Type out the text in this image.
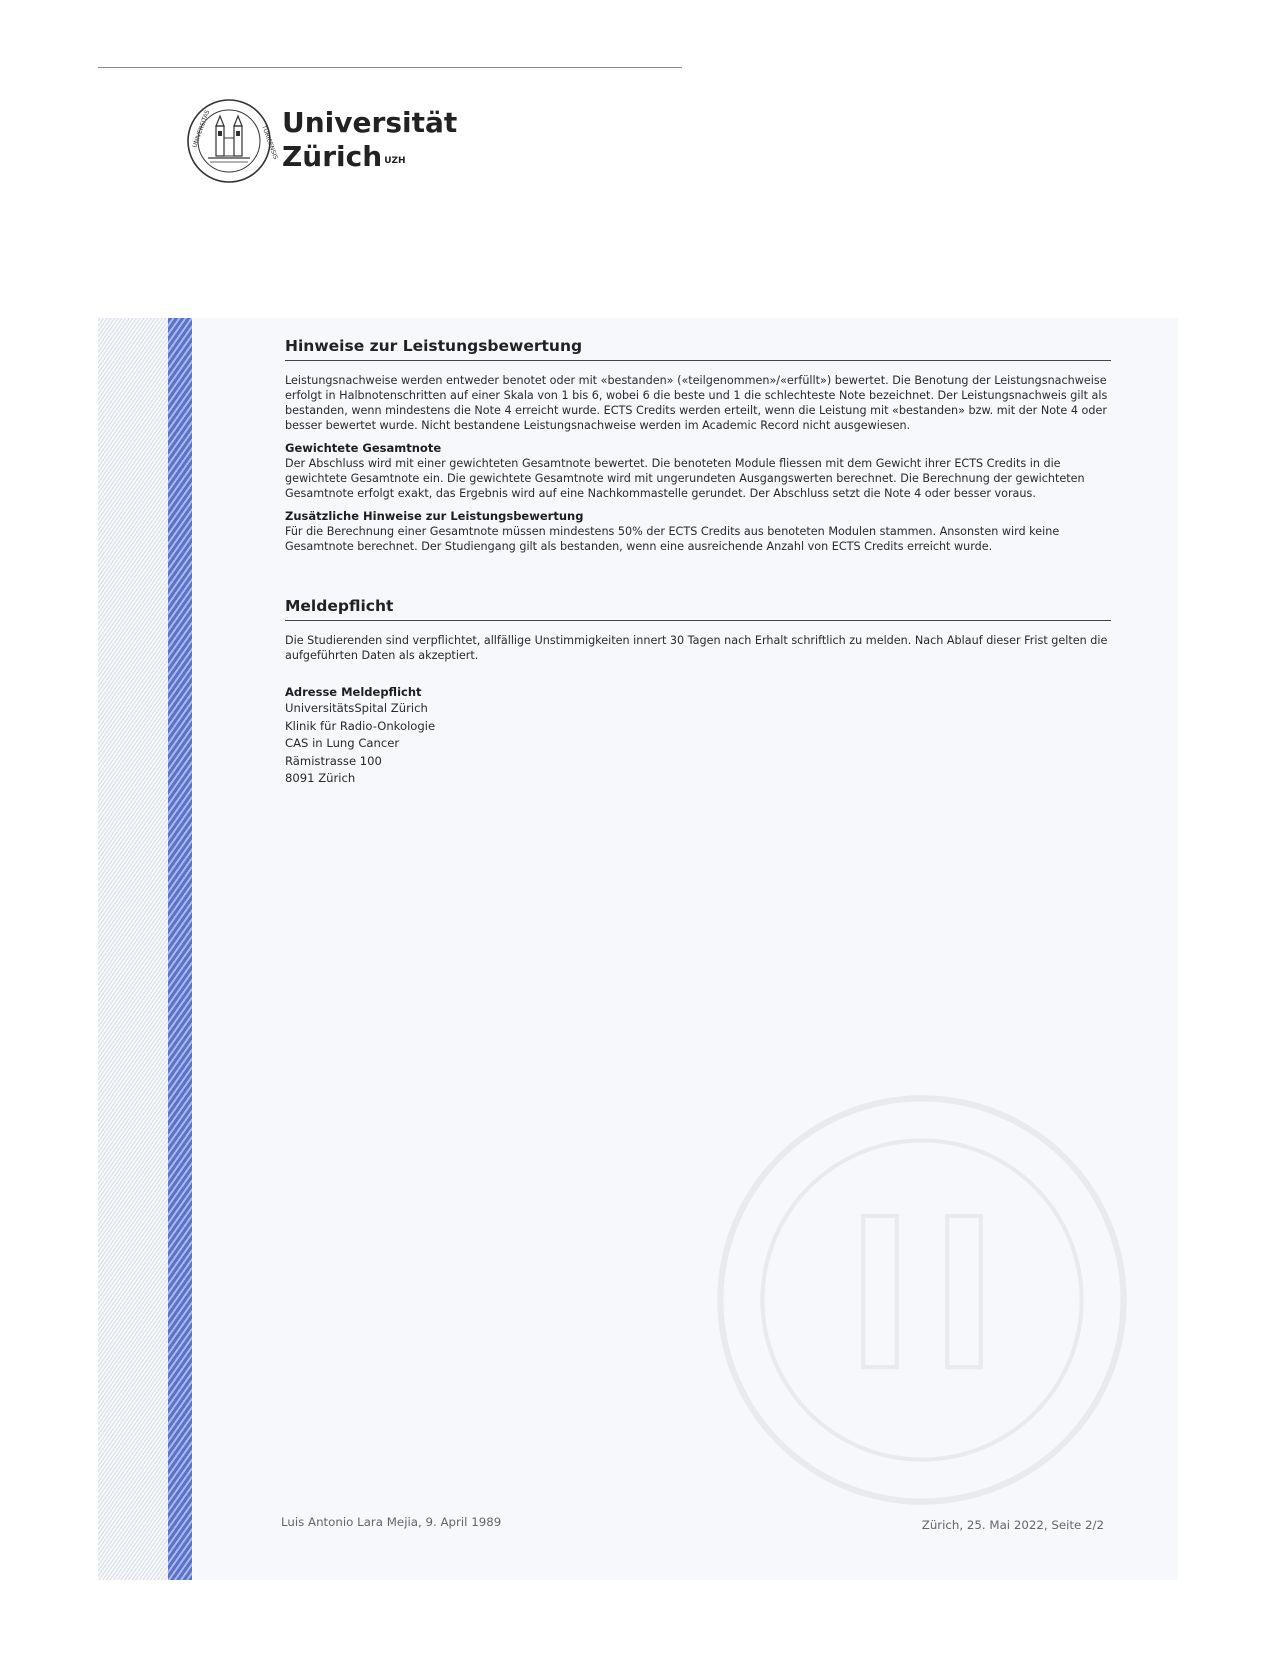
UNIVERSITAS	TURICENSIS
Universität
Zürich $^{UZH}$
Hinweise zur Leistungsbewertung

Leistungsnachweise werden entweder benotet oder mit «bestanden» («teilgenommen»/«erfüllt») bewertet. Die Benotung der Leistungsnachweise erfolgt in Halbnotenschritten auf einer Skala von 1 bis 6, wobei 6 die beste und 1 die schlechteste Note bezeichnet. Der Leistungsnachweis gilt als bestanden, wenn mindestens die Note 4 erreicht wurde. ECTS Credits werden erteilt, wenn die Leistung mit «bestanden» bzw. mit der Note 4 oder besser bewertet wurde. Nicht bestandene Leistungsnachweise werden im Academic Record nicht ausgewiesen.

Gewichtete Gesamtnote

Der Abschluss wird mit einer gewichteten Gesamtnote bewertet. Die benoteten Module fliessen mit dem Gewicht ihrer ECTS Credits in die gewichtete Gesamtnote ein. Die gewichtete Gesamtnote wird mit ungerundeten Ausgangswerten berechnet. Die Berechnung der gewichteten Gesamtnote erfolgt exakt, das Ergebnis wird auf eine Nachkommastelle gerundet. Der Abschluss setzt die Note 4 oder besser voraus.

Zusätzliche Hinweise zur Leistungsbewertung

Für die Berechnung einer Gesamtnote müssen mindestens 50% der ECTS Credits aus benoteten Modulen stammen. Ansonsten wird keine Gesamtnote berechnet. Der Studiengang gilt als bestanden, wenn eine ausreichende Anzahl von ECTS Credits erreicht wurde.

Meldepflicht

Die Studierenden sind verpflichtet, allfällige Unstimmigkeiten innert 30 Tagen nach Erhalt schriftlich zu melden. Nach Ablauf dieser Frist gelten die aufgeführten Daten als akzeptiert.

Adresse Meldepflicht
UniversitätsSpital Zürich
Klinik für Radio-Onkologie
CAS in Lung Cancer
Rämistrasse 100
8091 Zürich
Luis Antonio Lara Mejia, 9. April 1989	Zürich, 25. Mai 2022, Seite 2/2
